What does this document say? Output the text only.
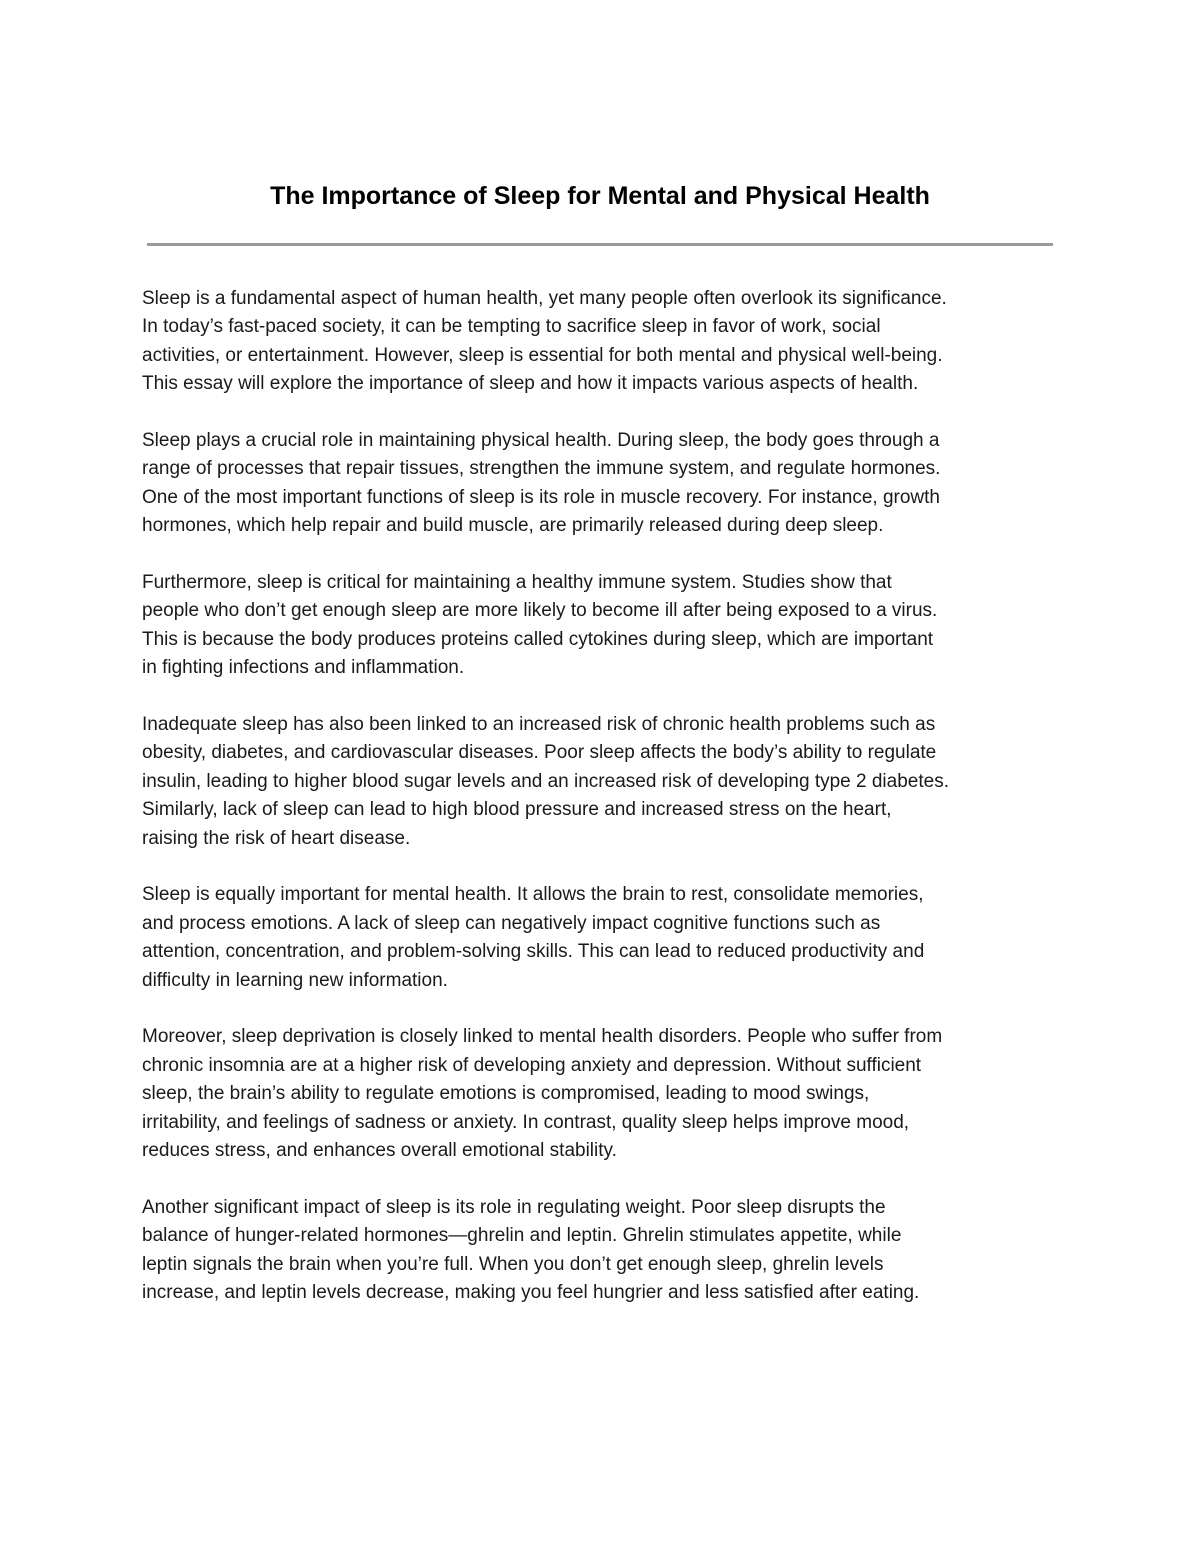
The Importance of Sleep for Mental and Physical Health

Sleep is a fundamental aspect of human health, yet many people often overlook its significance.
In today’s fast-paced society, it can be tempting to sacrifice sleep in favor of work, social
activities, or entertainment. However, sleep is essential for both mental and physical well-being.
This essay will explore the importance of sleep and how it impacts various aspects of health.

Sleep plays a crucial role in maintaining physical health. During sleep, the body goes through a
range of processes that repair tissues, strengthen the immune system, and regulate hormones.
One of the most important functions of sleep is its role in muscle recovery. For instance, growth
hormones, which help repair and build muscle, are primarily released during deep sleep.

Furthermore, sleep is critical for maintaining a healthy immune system. Studies show that
people who don’t get enough sleep are more likely to become ill after being exposed to a virus.
This is because the body produces proteins called cytokines during sleep, which are important
in fighting infections and inflammation.

Inadequate sleep has also been linked to an increased risk of chronic health problems such as
obesity, diabetes, and cardiovascular diseases. Poor sleep affects the body’s ability to regulate
insulin, leading to higher blood sugar levels and an increased risk of developing type 2 diabetes.
Similarly, lack of sleep can lead to high blood pressure and increased stress on the heart,
raising the risk of heart disease.

Sleep is equally important for mental health. It allows the brain to rest, consolidate memories,
and process emotions. A lack of sleep can negatively impact cognitive functions such as
attention, concentration, and problem-solving skills. This can lead to reduced productivity and
difficulty in learning new information.

Moreover, sleep deprivation is closely linked to mental health disorders. People who suffer from
chronic insomnia are at a higher risk of developing anxiety and depression. Without sufficient
sleep, the brain’s ability to regulate emotions is compromised, leading to mood swings,
irritability, and feelings of sadness or anxiety. In contrast, quality sleep helps improve mood,
reduces stress, and enhances overall emotional stability.

Another significant impact of sleep is its role in regulating weight. Poor sleep disrupts the
balance of hunger-related hormones—ghrelin and leptin. Ghrelin stimulates appetite, while
leptin signals the brain when you’re full. When you don’t get enough sleep, ghrelin levels
increase, and leptin levels decrease, making you feel hungrier and less satisfied after eating.
